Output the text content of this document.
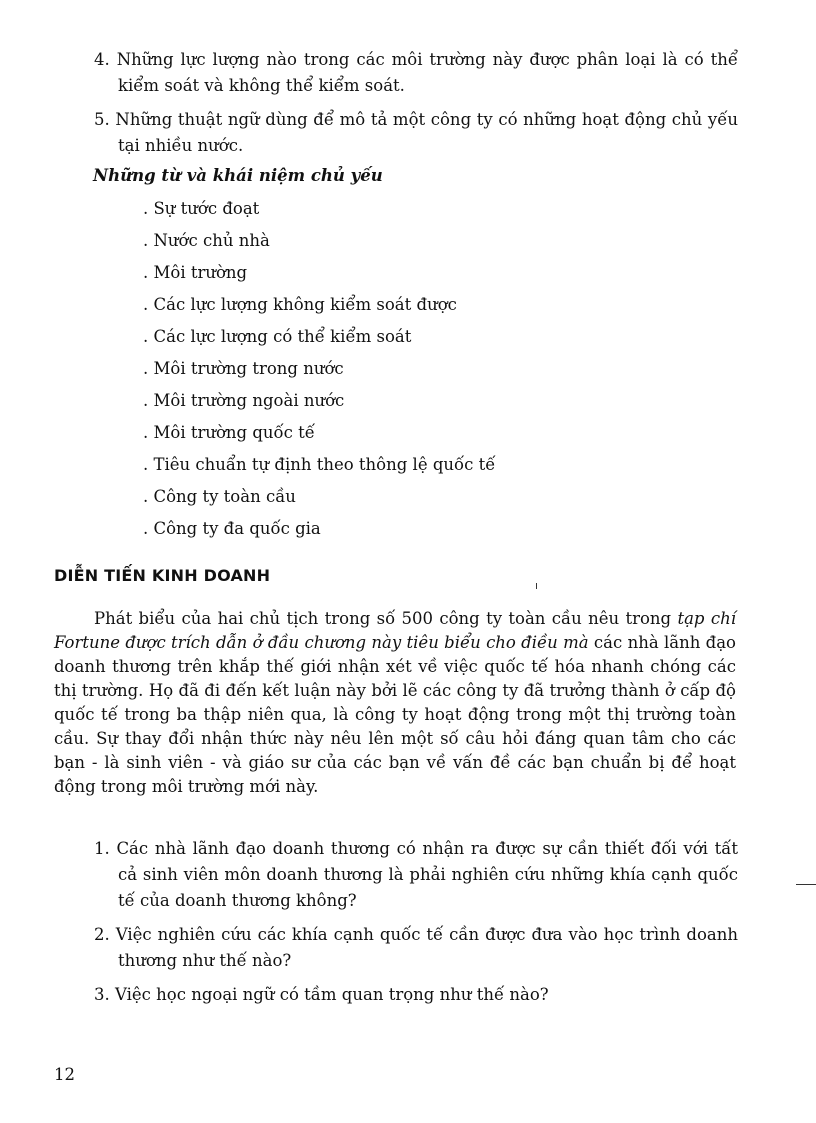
4. Những lực lượng nào trong các môi trường này được phân loại là có thể kiểm soát và không thể kiểm soát.
5. Những thuật ngữ dùng để mô tả một công ty có những hoạt động chủ yếu tại nhiều nước.
Những từ và khái niệm chủ yếu
. Sự tước đoạt
. Nước chủ nhà
. Môi trường
. Các lực lượng không kiểm soát được
. Các lực lượng có thể kiểm soát
. Môi trường trong nước
. Môi trường ngoài nước
. Môi trường quốc tế
. Tiêu chuẩn tự định theo thông lệ quốc tế
. Công ty toàn cầu
. Công ty đa quốc gia
DIỄN TIẾN KINH DOANH

Phát biểu của hai chủ tịch trong số 500 công ty toàn cầu nêu trong tạp chí Fortune được trích dẫn ở đầu chương này tiêu biểu cho điều mà các nhà lãnh đạo doanh thương trên khắp thế giới nhận xét về việc quốc tế hóa nhanh chóng các thị trường. Họ đã đi đến kết luận này bởi lẽ các công ty đã trưởng thành ở cấp độ quốc tế trong ba thập niên qua, là công ty hoạt động trong một thị trường toàn cầu. Sự thay đổi nhận thức này nêu lên một số câu hỏi đáng quan tâm cho các bạn - là sinh viên - và giáo sư của các bạn về vấn đề các bạn chuẩn bị để hoạt động trong môi trường mới này.

1. Các nhà lãnh đạo doanh thương có nhận ra được sự cần thiết đối với tất cả sinh viên môn doanh thương là phải nghiên cứu những khía cạnh quốc tế của doanh thương không?
2. Việc nghiên cứu các khía cạnh quốc tế cần được đưa vào học trình doanh thương như thế nào?
3. Việc học ngoại ngữ có tầm quan trọng như thế nào?
12
